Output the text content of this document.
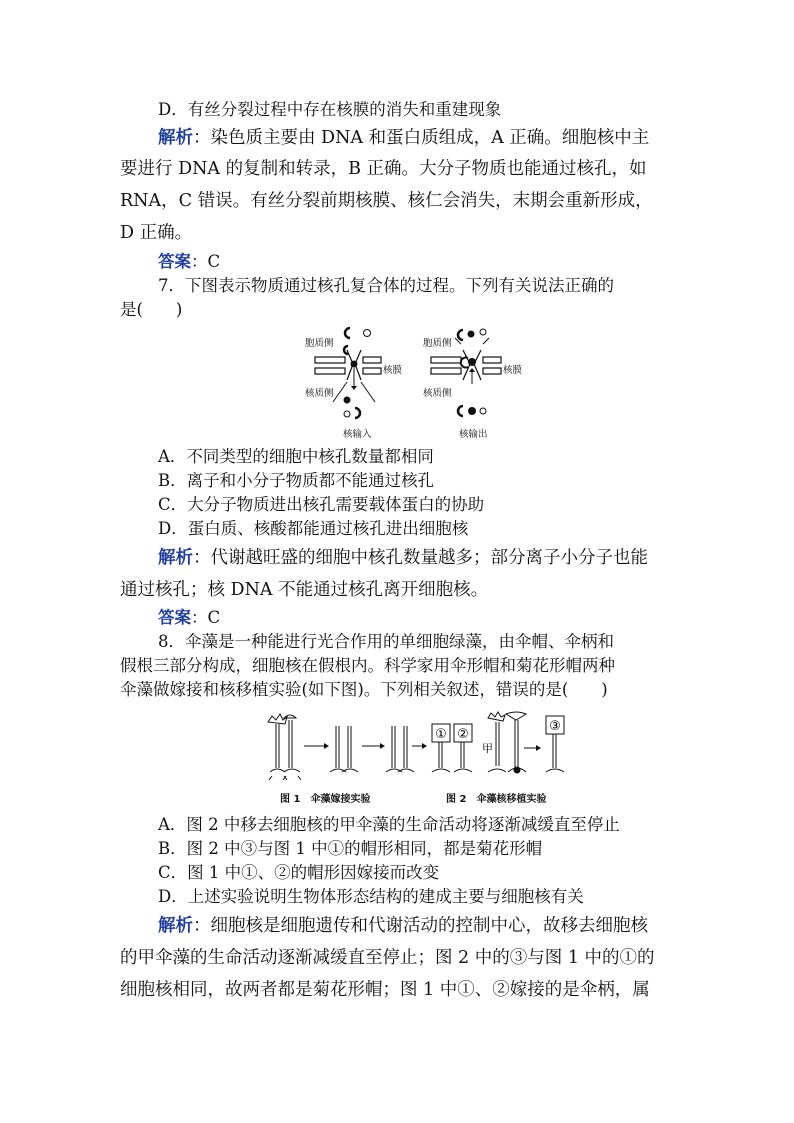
D．有丝分裂过程中存在核膜的消失和重建现象
解析：染色质主要由 DNA 和蛋白质组成，A 正确。细胞核中主
要进行 DNA 的复制和转录，B 正确。大分子物质也能通过核孔，如
RNA，C 错误。有丝分裂前期核膜、核仁会消失，末期会重新形成，
D 正确。
答案：C
7．下图表示物质通过核孔复合体的过程。下列有关说法正确的
是(　　)
胞质侧
核质侧
核膜
核输入
胞质侧
核质侧
核膜
核输出
A．不同类型的细胞中核孔数量都相同
B．离子和小分子物质都不能通过核孔
C．大分子物质进出核孔需要载体蛋白的协助
D．蛋白质、核酸都能通过核孔进出细胞核
解析：代谢越旺盛的细胞中核孔数量越多；部分离子小分子也能
通过核孔；核 DNA 不能通过核孔离开细胞核。
答案：C
8．伞藻是一种能进行光合作用的单细胞绿藻，由伞帽、伞柄和
假根三部分构成，细胞核在假根内。科学家用伞形帽和菊花形帽两种
伞藻做嫁接和核移植实验(如下图)。下列相关叙述，错误的是(　　)
① ②
甲
③
图 1　伞藻嫁接实验	图 2　伞藻核移植实验
A．图 2 中移去细胞核的甲伞藻的生命活动将逐渐减缓直至停止
B．图 2 中③与图 1 中①的帽形相同，都是菊花形帽
C．图 1 中①、②的帽形因嫁接而改变
D．上述实验说明生物体形态结构的建成主要与细胞核有关
解析：细胞核是细胞遗传和代谢活动的控制中心，故移去细胞核
的甲伞藻的生命活动逐渐减缓直至停止；图 2 中的③与图 1 中的①的
细胞核相同，故两者都是菊花形帽；图 1 中①、②嫁接的是伞柄，属
